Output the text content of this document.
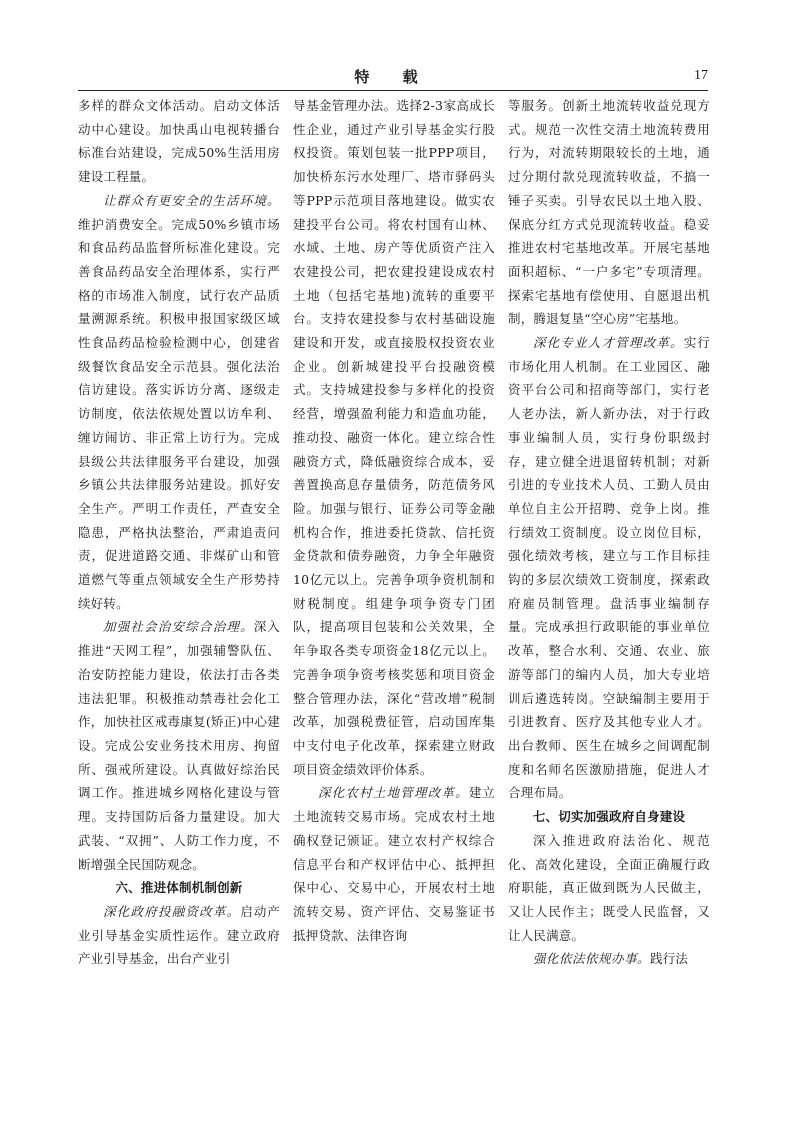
特 载	17

多样的群众文体活动。启动文体活动中心建设。加快禹山电视转播台标准台站建设，完成50%生活用房建设工程量。

让群众有更安全的生活环境。维护消费安全。完成50%乡镇市场和食品药品监督所标准化建设。完善食品药品安全治理体系，实行严格的市场准入制度，试行农产品质量溯源系统。积极申报国家级区域性食品药品检验检测中心，创建省级餐饮食品安全示范县。强化法治信访建设。落实诉访分离、逐级走访制度，依法依规处置以访牟利、缠访闹访、非正常上访行为。完成县级公共法律服务平台建设，加强乡镇公共法律服务站建设。抓好安全生产。严明工作责任，严查安全隐患，严格执法整治，严肃追责问责，促进道路交通、非煤矿山和管道燃气等重点领域安全生产形势持续好转。

加强社会治安综合治理。深入推进“天网工程”，加强辅警队伍、治安防控能力建设，依法打击各类违法犯罪。积极推动禁毒社会化工作，加快社区戒毒康复(矫正)中心建设。完成公安业务技术用房、拘留所、强戒所建设。认真做好综治民调工作。推进城乡网格化建设与管理。支持国防后备力量建设。加大武装、“双拥”、人防工作力度，不断增强全民国防观念。

六、推进体制机制创新

深化政府投融资改革。启动产业引导基金实质性运作。建立政府产业引导基金，出台产业引

导基金管理办法。选择2-3家高成长性企业，通过产业引导基金实行股权投资。策划包装一批PPP项目，加快桥东污水处理厂、塔市驿码头等PPP示范项目落地建设。做实农建投平台公司。将农村国有山林、水域、土地、房产等优质资产注入农建投公司，把农建投建设成农村土地（包括宅基地)流转的重要平台。支持农建投参与农村基础设施建设和开发，或直接股权投资农业企业。创新城建投平台投融资模式。支持城建投参与多样化的投资经营，增强盈利能力和造血功能，推动投、融资一体化。建立综合性融资方式，降低融资综合成本，妥善置换高息存量债务，防范债务风险。加强与银行、证券公司等金融机构合作，推进委托贷款、信托资金贷款和债券融资，力争全年融资10亿元以上。完善争项争资机制和财税制度。组建争项争资专门团队，提高项目包装和公关效果，全年争取各类专项资金18亿元以上。完善争项争资考核奖惩和项目资金整合管理办法，深化“营改增”税制改革，加强税费征管，启动国库集中支付电子化改革，探索建立财政项目资金绩效评价体系。

深化农村土地管理改革。建立土地流转交易市场。完成农村土地确权登记颁证。建立农村产权综合信息平台和产权评估中心、抵押担保中心、交易中心，开展农村土地流转交易、资产评估、交易鉴证书抵押贷款、法律咨询

等服务。创新土地流转收益兑现方式。规范一次性交清土地流转费用行为，对流转期限较长的土地，通过分期付款兑现流转收益，不搞一锤子买卖。引导农民以土地入股、保底分红方式兑现流转收益。稳妥推进农村宅基地改革。开展宅基地面积超标、“一户多宅”专项清理。探索宅基地有偿使用、自愿退出机制，腾退复垦“空心房”宅基地。

深化专业人才管理改革。实行市场化用人机制。在工业园区、融资平台公司和招商等部门，实行老人老办法，新人新办法，对于行政事业编制人员，实行身份职级封存，建立健全进退留转机制；对新引进的专业技术人员、工勤人员由单位自主公开招聘、竞争上岗。推行绩效工资制度。设立岗位目标，强化绩效考核，建立与工作目标挂钩的多层次绩效工资制度，探索政府雇员制管理。盘活事业编制存量。完成承担行政职能的事业单位改革，整合水利、交通、农业、旅游等部门的编内人员，加大专业培训后遴选转岗。空缺编制主要用于引进教育、医疗及其他专业人才。出台教师、医生在城乡之间调配制度和名师名医激励措施，促进人才合理布局。

七、切实加强政府自身建设

深入推进政府法治化、规范化、高效化建设，全面正确履行政府职能，真正做到既为人民做主，又让人民作主；既受人民监督，又让人民满意。

强化依法依规办事。践行法
